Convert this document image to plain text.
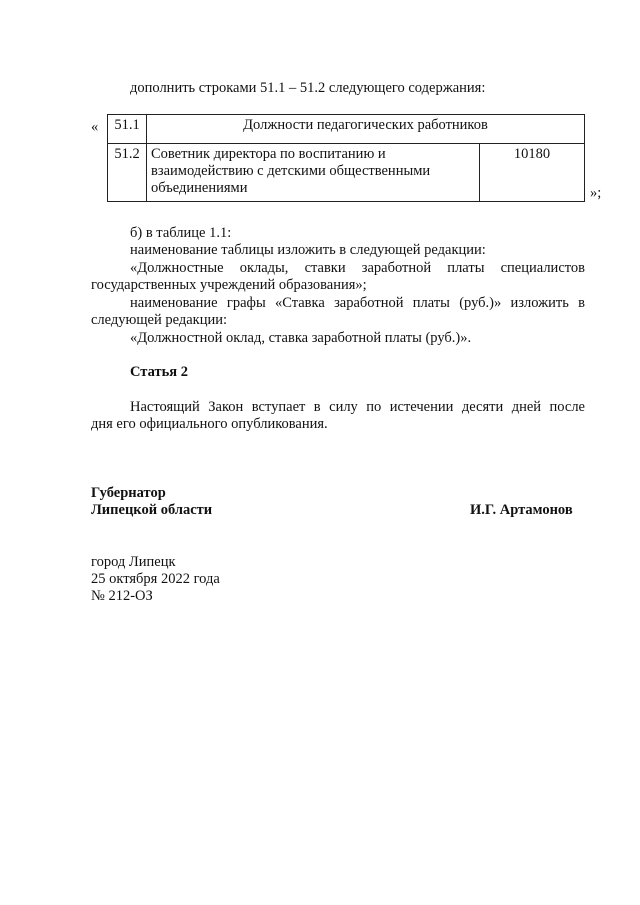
дополнить строками 51.1 – 51.2 следующего содержания:
« 51.1	Должности педагогических работников	
51.2	Советник директора по воспитанию и
взаимодействию с детскими общественными
объединениями	10180
»;
б) в таблице 1.1:
наименование таблицы изложить в следующей редакции:
«Должностные оклады, ставки заработной платы специалистов
государственных учреждений образования»;
наименование графы «Ставка заработной платы (руб.)» изложить в
следующей редакции:
«Должностной оклад, ставка заработной платы (руб.)».
Статья 2
Настоящий Закон вступает в силу по истечении десяти дней после
дня его официального опубликования.
Губернатор
Липецкой области	И.Г. Артамонов
город Липецк
25 октября 2022 года
№ 212-ОЗ
